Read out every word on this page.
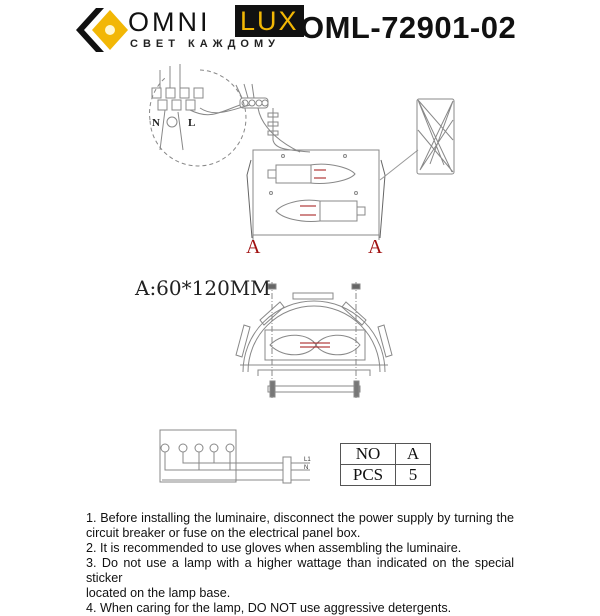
OMNI LUX
СВЕТ КАЖДОМУ OML-72901-02
N	L
L1
N
A	A
A:60*120MM
NO	A
PCS	5

1. Before installing the luminaire, disconnect the power supply by turning the

circuit breaker or fuse on the electrical panel box.

2. It is recommended to use gloves when assembling the luminaire.

3. Do not use a lamp with a higher wattage than indicated on the special sticker

located on the lamp base.

4. When caring for the lamp, DO NOT use aggressive detergents.
